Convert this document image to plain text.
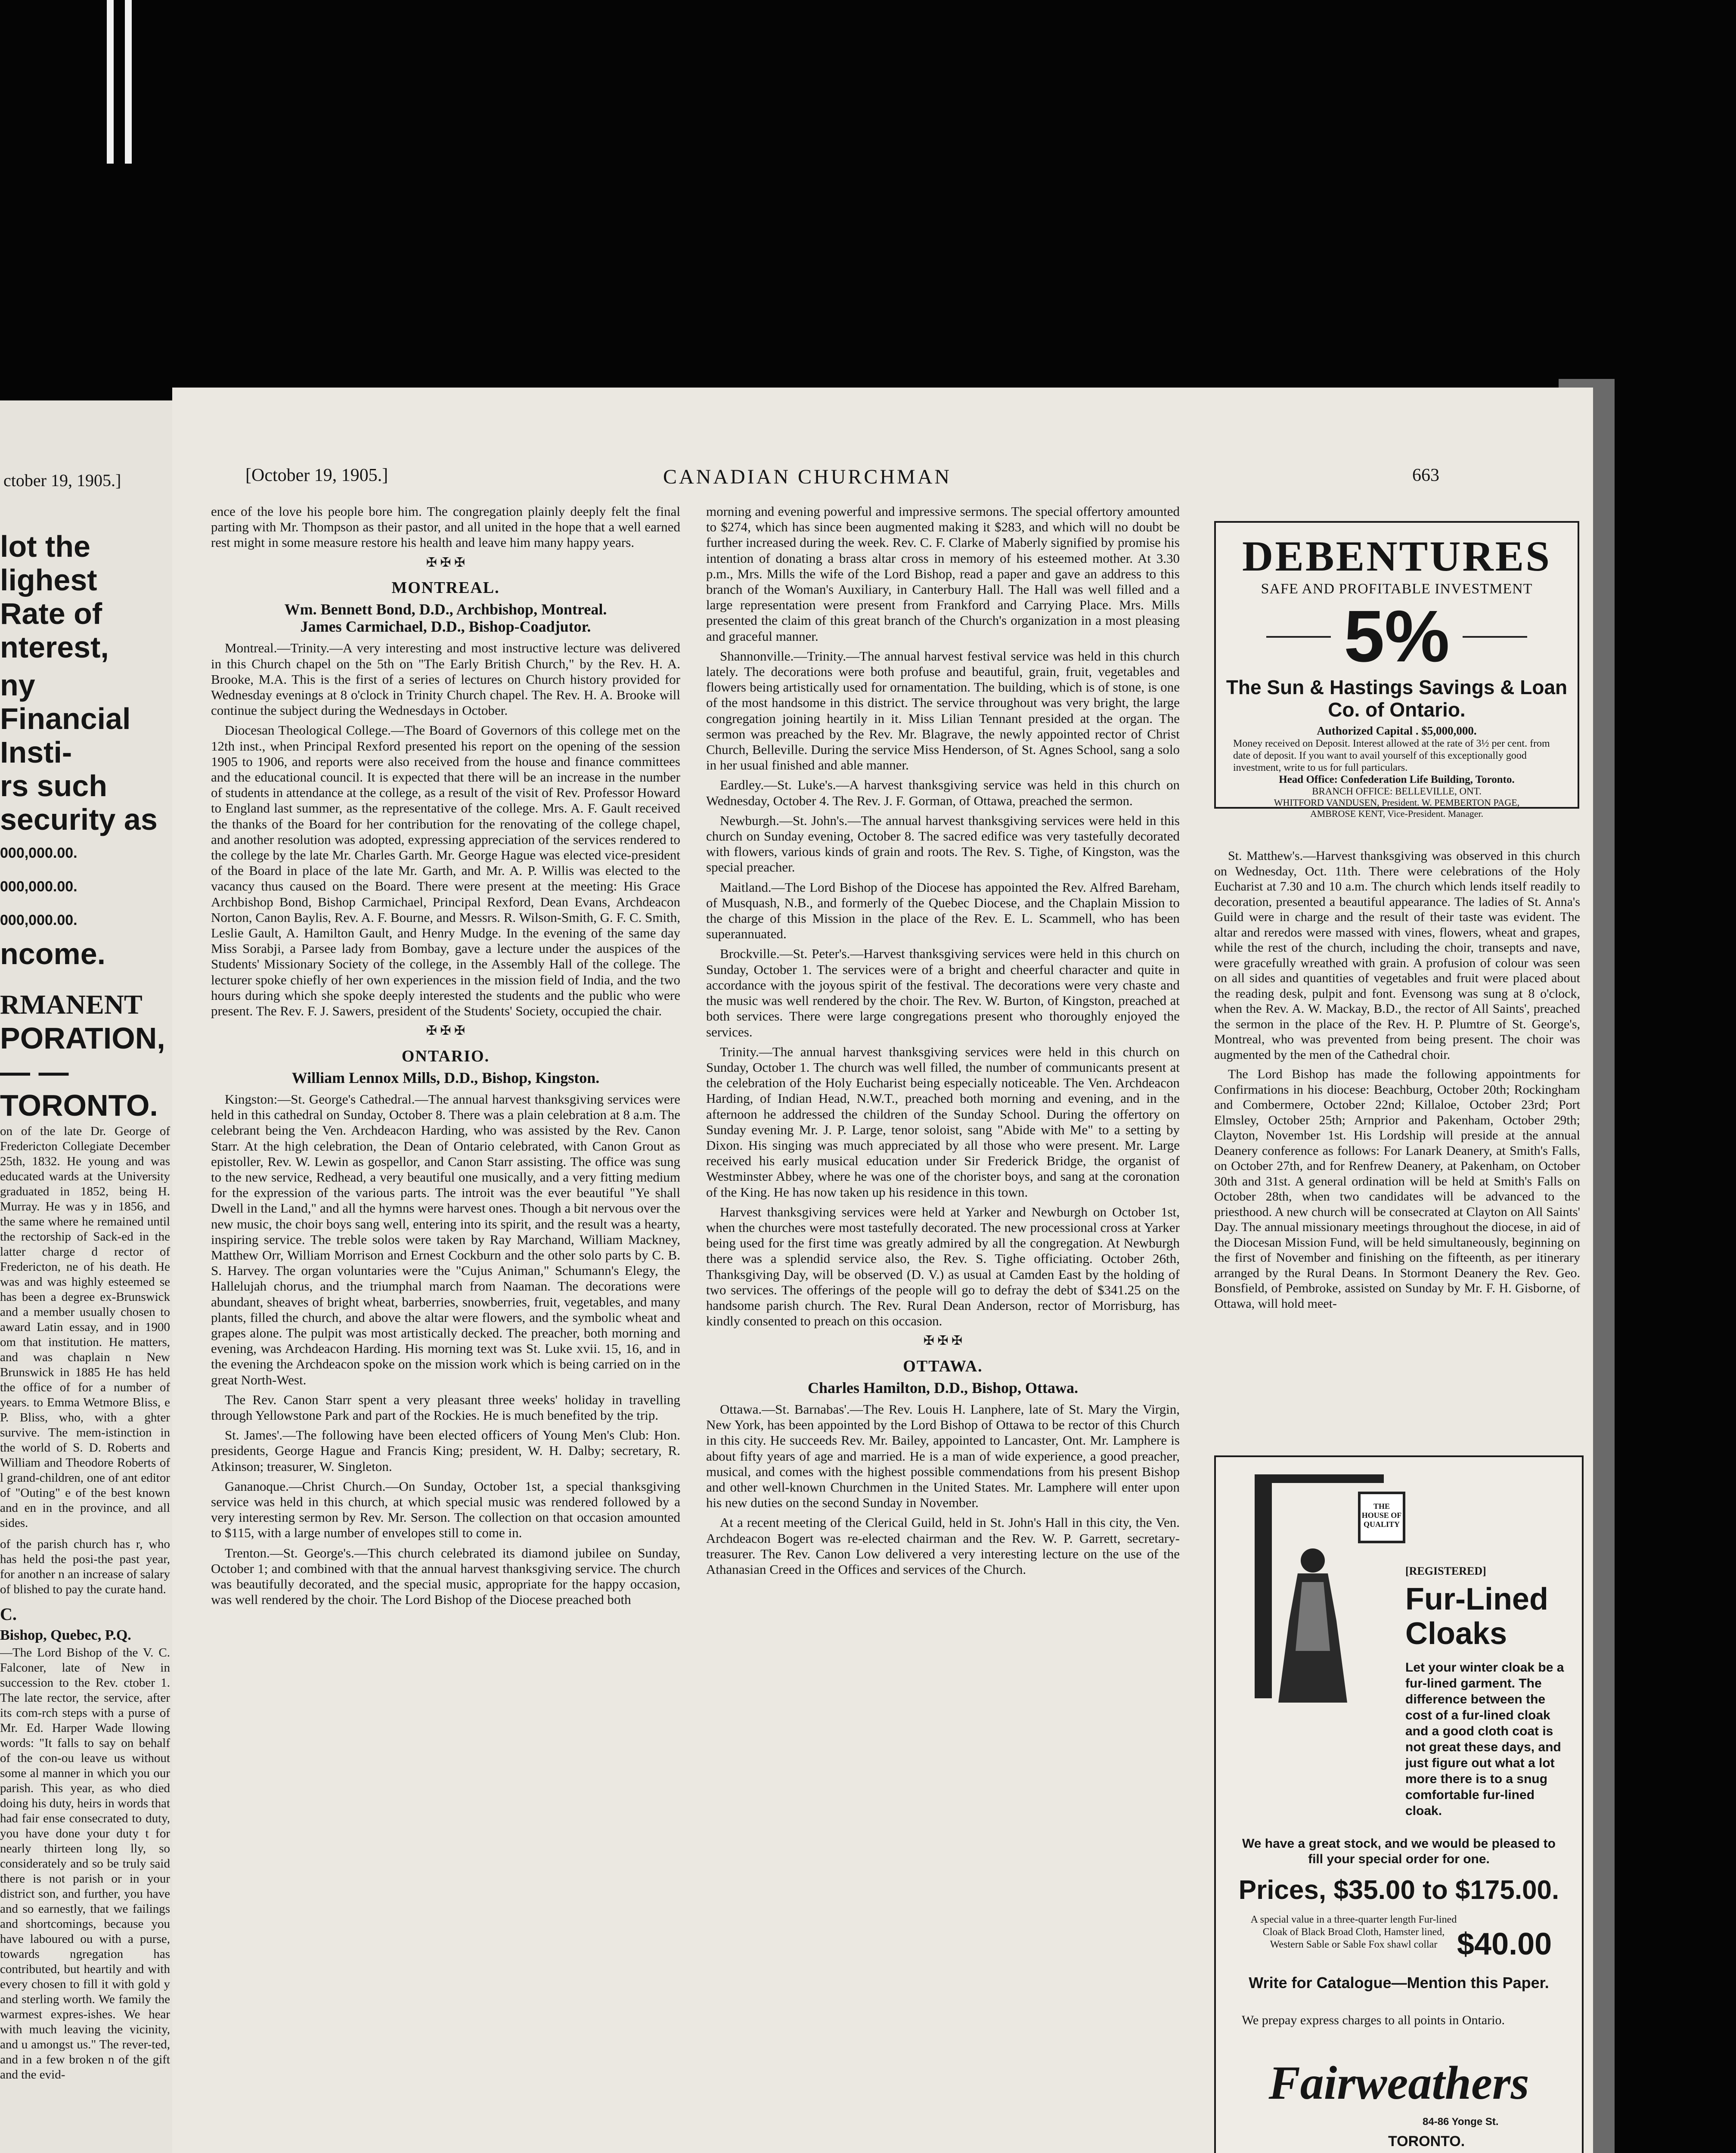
ctober 19, 1905.]
lot the
lighest
Rate of
nterest,
ny Financial Insti-
rs such security as
000,000.00.
000,000.00.
000,000.00.
ncome.
RMANENT
PORATION,
— — TORONTO.
on of the late Dr. George of Fredericton Collegiate December 25th, 1832. He young and was educated wards at the University graduated in 1852, being H. Murray. He was y in 1856, and the same where he remained until the rectorship of Sack-ed in the latter charge d rector of Fredericton, ne of his death. He was and was highly esteemed se has been a degree ex-Brunswick and a member usually chosen to award Latin essay, and in 1900 om that institution. He matters, and was chaplain n New Brunswick in 1885 He has held the office of for a number of years. to Emma Wetmore Bliss, e P. Bliss, who, with a ghter survive. The mem-istinction in the world of S. D. Roberts and William and Theodore Roberts of l grand-children, one of ant editor of "Outing" e of the best known and en in the province, and all sides.
of the parish church has r, who has held the posi-the past year, for another n an increase of salary of blished to pay the curate hand.
C.
Bishop, Quebec, P.Q.
—The Lord Bishop of the V. C. Falconer, late of New in succession to the Rev. ctober 1. The late rector, the service, after its com-rch steps with a purse of Mr. Ed. Harper Wade llowing words: "It falls to say on behalf of the con-ou leave us without some al manner in which you our parish. This year, as who died doing his duty, heirs in words that had fair ense consecrated to duty, you have done your duty t for nearly thirteen long lly, so considerately and so be truly said there is not parish or in your district son, and further, you have and so earnestly, that we failings and shortcomings, because you have laboured ou with a purse, towards ngregation has contributed, but heartily and with every chosen to fill it with gold y and sterling worth. We family the warmest expres-ishes. We hear with much leaving the vicinity, and u amongst us." The rever-ted, and in a few broken n of the gift and the evid-
[October 19, 1905.]	CANADIAN CHURCHMAN	663

ence of the love his people bore him. The congregation plainly deeply felt the final parting with Mr. Thompson as their pastor, and all united in the hope that a well earned rest might in some measure restore his health and leave him many happy years.

✠ ✠ ✠
MONTREAL.
Wm. Bennett Bond, D.D., Archbishop, Montreal.
James Carmichael, D.D., Bishop-Coadjutor.

Montreal.—Trinity.—A very interesting and most instructive lecture was delivered in this Church chapel on the 5th on "The Early British Church," by the Rev. H. A. Brooke, M.A. This is the first of a series of lectures on Church history provided for Wednesday evenings at 8 o'clock in Trinity Church chapel. The Rev. H. A. Brooke will continue the subject during the Wednesdays in October.

Diocesan Theological College.—The Board of Governors of this college met on the 12th inst., when Principal Rexford presented his report on the opening of the session 1905 to 1906, and reports were also received from the house and finance committees and the educational council. It is expected that there will be an increase in the number of students in attendance at the college, as a result of the visit of Rev. Professor Howard to England last summer, as the representative of the college. Mrs. A. F. Gault received the thanks of the Board for her contribution for the renovating of the college chapel, and another resolution was adopted, expressing appreciation of the services rendered to the college by the late Mr. Charles Garth. Mr. George Hague was elected vice-president of the Board in place of the late Mr. Garth, and Mr. A. P. Willis was elected to the vacancy thus caused on the Board. There were present at the meeting: His Grace Archbishop Bond, Bishop Carmichael, Principal Rexford, Dean Evans, Archdeacon Norton, Canon Baylis, Rev. A. F. Bourne, and Messrs. R. Wilson-Smith, G. F. C. Smith, Leslie Gault, A. Hamilton Gault, and Henry Mudge. In the evening of the same day Miss Sorabji, a Parsee lady from Bombay, gave a lecture under the auspices of the Students' Missionary Society of the college, in the Assembly Hall of the college. The lecturer spoke chiefly of her own experiences in the mission field of India, and the two hours during which she spoke deeply interested the students and the public who were present. The Rev. F. J. Sawers, president of the Students' Society, occupied the chair.

✠ ✠ ✠
ONTARIO.
William Lennox Mills, D.D., Bishop, Kingston.

Kingston:—St. George's Cathedral.—The annual harvest thanksgiving services were held in this cathedral on Sunday, October 8. There was a plain celebration at 8 a.m. The celebrant being the Ven. Archdeacon Harding, who was assisted by the Rev. Canon Starr. At the high celebration, the Dean of Ontario celebrated, with Canon Grout as epistoller, Rev. W. Lewin as gospellor, and Canon Starr assisting. The office was sung to the new service, Redhead, a very beautiful one musically, and a very fitting medium for the expression of the various parts. The introit was the ever beautiful "Ye shall Dwell in the Land," and all the hymns were harvest ones. Though a bit nervous over the new music, the choir boys sang well, entering into its spirit, and the result was a hearty, inspiring service. The treble solos were taken by Ray Marchand, William Mackney, Matthew Orr, William Morrison and Ernest Cockburn and the other solo parts by C. B. S. Harvey. The organ voluntaries were the "Cujus Animan," Schumann's Elegy, the Hallelujah chorus, and the triumphal march from Naaman. The decorations were abundant, sheaves of bright wheat, barberries, snowberries, fruit, vegetables, and many plants, filled the church, and above the altar were flowers, and the symbolic wheat and grapes alone. The pulpit was most artistically decked. The preacher, both morning and evening, was Archdeacon Harding. His morning text was St. Luke xvii. 15, 16, and in the evening the Archdeacon spoke on the mission work which is being carried on in the great North-West.

The Rev. Canon Starr spent a very pleasant three weeks' holiday in travelling through Yellowstone Park and part of the Rockies. He is much benefited by the trip.

St. James'.—The following have been elected officers of Young Men's Club: Hon. presidents, George Hague and Francis King; president, W. H. Dalby; secretary, R. Atkinson; treasurer, W. Singleton.

Gananoque.—Christ Church.—On Sunday, October 1st, a special thanksgiving service was held in this church, at which special music was rendered followed by a very interesting sermon by Rev. Mr. Serson. The collection on that occasion amounted to $115, with a large number of envelopes still to come in.

Trenton.—St. George's.—This church celebrated its diamond jubilee on Sunday, October 1; and combined with that the annual harvest thanksgiving service. The church was beautifully decorated, and the special music, appropriate for the happy occasion, was well rendered by the choir. The Lord Bishop of the Diocese preached both

morning and evening powerful and impressive sermons. The special offertory amounted to $274, which has since been augmented making it $283, and which will no doubt be further increased during the week. Rev. C. F. Clarke of Maberly signified by promise his intention of donating a brass altar cross in memory of his esteemed mother. At 3.30 p.m., Mrs. Mills the wife of the Lord Bishop, read a paper and gave an address to this branch of the Woman's Auxiliary, in Canterbury Hall. The Hall was well filled and a large representation were present from Frankford and Carrying Place. Mrs. Mills presented the claim of this great branch of the Church's organization in a most pleasing and graceful manner.

Shannonville.—Trinity.—The annual harvest festival service was held in this church lately. The decorations were both profuse and beautiful, grain, fruit, vegetables and flowers being artistically used for ornamentation. The building, which is of stone, is one of the most handsome in this district. The service throughout was very bright, the large congregation joining heartily in it. Miss Lilian Tennant presided at the organ. The sermon was preached by the Rev. Mr. Blagrave, the newly appointed rector of Christ Church, Belleville. During the service Miss Henderson, of St. Agnes School, sang a solo in her usual finished and able manner.

Eardley.—St. Luke's.—A harvest thanksgiving service was held in this church on Wednesday, October 4. The Rev. J. F. Gorman, of Ottawa, preached the sermon.

Newburgh.—St. John's.—The annual harvest thanksgiving services were held in this church on Sunday evening, October 8. The sacred edifice was very tastefully decorated with flowers, various kinds of grain and roots. The Rev. S. Tighe, of Kingston, was the special preacher.

Maitland.—The Lord Bishop of the Diocese has appointed the Rev. Alfred Bareham, of Musquash, N.B., and formerly of the Quebec Diocese, and the Chaplain Mission to the charge of this Mission in the place of the Rev. E. L. Scammell, who has been superannuated.

Brockville.—St. Peter's.—Harvest thanksgiving services were held in this church on Sunday, October 1. The services were of a bright and cheerful character and quite in accordance with the joyous spirit of the festival. The decorations were very chaste and the music was well rendered by the choir. The Rev. W. Burton, of Kingston, preached at both services. There were large congregations present who thoroughly enjoyed the services.

Trinity.—The annual harvest thanksgiving services were held in this church on Sunday, October 1. The church was well filled, the number of communicants present at the celebration of the Holy Eucharist being especially noticeable. The Ven. Archdeacon Harding, of Indian Head, N.W.T., preached both morning and evening, and in the afternoon he addressed the children of the Sunday School. During the offertory on Sunday evening Mr. J. P. Large, tenor soloist, sang "Abide with Me" to a setting by Dixon. His singing was much appreciated by all those who were present. Mr. Large received his early musical education under Sir Frederick Bridge, the organist of Westminster Abbey, where he was one of the chorister boys, and sang at the coronation of the King. He has now taken up his residence in this town.

Harvest thanksgiving services were held at Yarker and Newburgh on October 1st, when the churches were most tastefully decorated. The new processional cross at Yarker being used for the first time was greatly admired by all the congregation. At Newburgh there was a splendid service also, the Rev. S. Tighe officiating. October 26th, Thanksgiving Day, will be observed (D. V.) as usual at Camden East by the holding of two services. The offerings of the people will go to defray the debt of $341.25 on the handsome parish church. The Rev. Rural Dean Anderson, rector of Morrisburg, has kindly consented to preach on this occasion.

✠ ✠ ✠
OTTAWA.
Charles Hamilton, D.D., Bishop, Ottawa.

Ottawa.—St. Barnabas'.—The Rev. Louis H. Lanphere, late of St. Mary the Virgin, New York, has been appointed by the Lord Bishop of Ottawa to be rector of this Church in this city. He succeeds Rev. Mr. Bailey, appointed to Lancaster, Ont. Mr. Lamphere is about fifty years of age and married. He is a man of wide experience, a good preacher, musical, and comes with the highest possible commendations from his present Bishop and other well-known Churchmen in the United States. Mr. Lamphere will enter upon his new duties on the second Sunday in November.

At a recent meeting of the Clerical Guild, held in St. John's Hall in this city, the Ven. Archdeacon Bogert was re-elected chairman and the Rev. W. P. Garrett, secretary-treasurer. The Rev. Canon Low delivered a very interesting lecture on the use of the Athanasian Creed in the Offices and services of the Church.

DEBENTURES
SAFE AND PROFITABLE INVESTMENT
5%
The Sun & Hastings Savings & Loan Co. of Ontario.
Authorized Capital . $5,000,000.
Money received on Deposit. Interest allowed at the rate of 3½ per cent. from date of deposit. If you want to avail yourself of this exceptionally good investment, write to us for full particulars.
Head Office: Confederation Life Building, Toronto.
BRANCH OFFICE: BELLEVILLE, ONT.
WHITFORD VANDUSEN, President. W. PEMBERTON PAGE,
AMBROSE KENT, Vice-President. Manager.

St. Matthew's.—Harvest thanksgiving was observed in this church on Wednesday, Oct. 11th. There were celebrations of the Holy Eucharist at 7.30 and 10 a.m. The church which lends itself readily to decoration, presented a beautiful appearance. The ladies of St. Anna's Guild were in charge and the result of their taste was evident. The altar and reredos were massed with vines, flowers, wheat and grapes, while the rest of the church, including the choir, transepts and nave, were gracefully wreathed with grain. A profusion of colour was seen on all sides and quantities of vegetables and fruit were placed about the reading desk, pulpit and font. Evensong was sung at 8 o'clock, when the Rev. A. W. Mackay, B.D., the rector of All Saints', preached the sermon in the place of the Rev. H. P. Plumtre of St. George's, Montreal, who was prevented from being present. The choir was augmented by the men of the Cathedral choir.

The Lord Bishop has made the following appointments for Confirmations in his diocese: Beachburg, October 20th; Rockingham and Combermere, October 22nd; Killaloe, October 23rd; Port Elmsley, October 25th; Arnprior and Pakenham, October 29th; Clayton, November 1st. His Lordship will preside at the annual Deanery conference as follows: For Lanark Deanery, at Smith's Falls, on October 27th, and for Renfrew Deanery, at Pakenham, on October 30th and 31st. A general ordination will be held at Smith's Falls on October 28th, when two candidates will be advanced to the priesthood. A new church will be consecrated at Clayton on All Saints' Day. The annual missionary meetings throughout the diocese, in aid of the Diocesan Mission Fund, will be held simultaneously, beginning on the first of November and finishing on the fifteenth, as per itinerary arranged by the Rural Deans. In Stormont Deanery the Rev. Geo. Bonsfield, of Pembroke, assisted on Sunday by Mr. F. H. Gisborne, of Ottawa, will hold meet-

THE HOUSE OF QUALITY
[REGISTERED]
Fur-Lined
Cloaks
Let your winter cloak be a fur-lined garment. The difference between the cost of a fur-lined cloak and a good cloth coat is not great these days, and just figure out what a lot more there is to a snug comfortable fur-lined cloak.
We have a great stock, and we would be pleased to fill your special order for one.
Prices, $35.00 to $175.00.
A special value in a three-quarter length Fur-lined Cloak of Black Broad Cloth, Hamster lined, Western Sable or Sable Fox shawl collar $40.00
Write for Catalogue—Mention this Paper.
We prepay express charges to all points in Ontario.
Fairweathers
84-86 Yonge St.
TORONTO.
